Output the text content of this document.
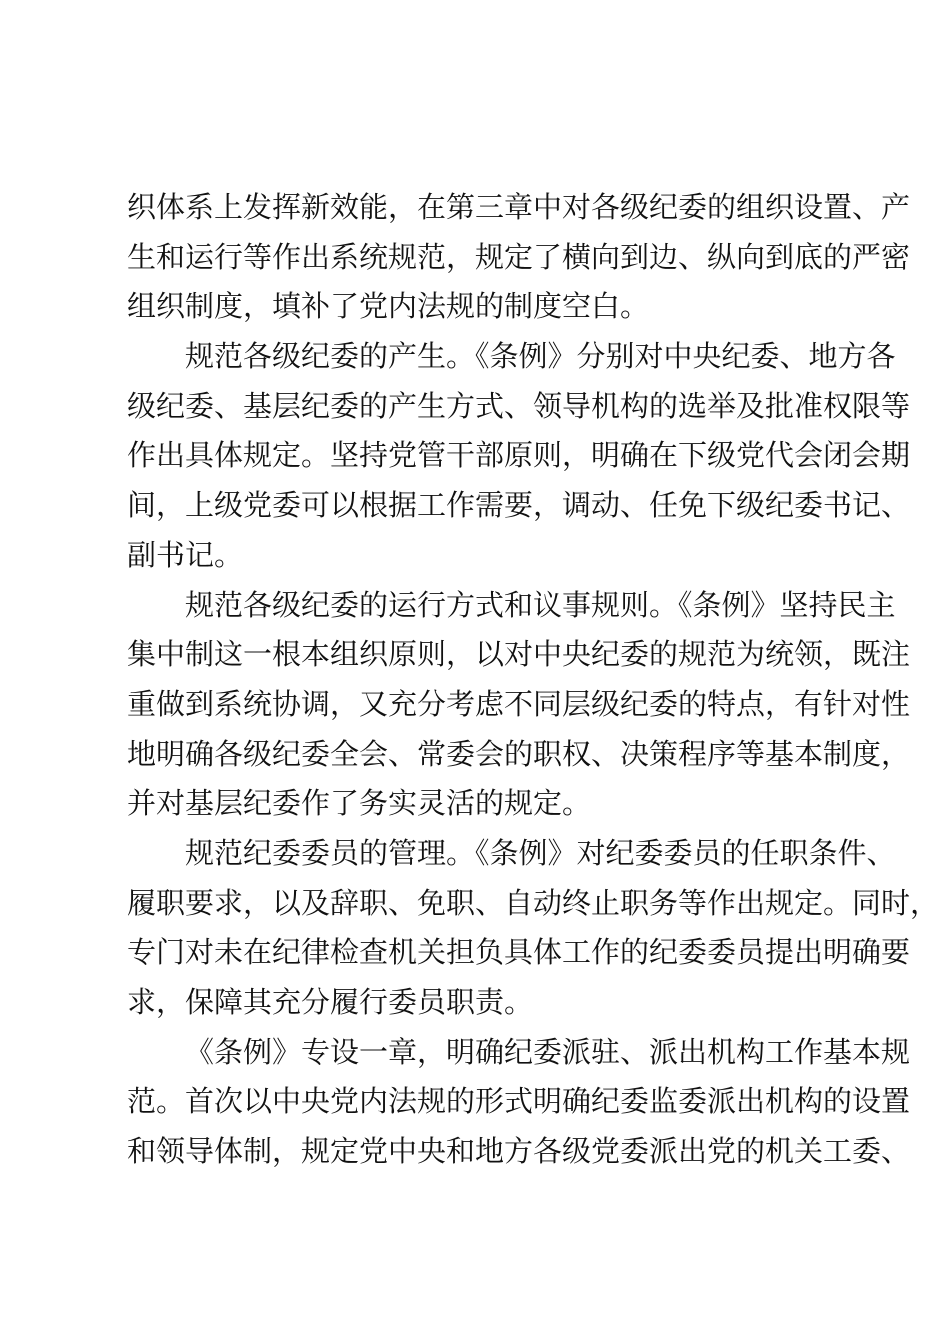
织体系上发挥新效能，在第三章中对各级纪委的组织设置、产
生和运行等作出系统规范，规定了横向到边、纵向到底的严密
组织制度，填补了党内法规的制度空白。
规范各级纪委的产生。《条例》分别对中央纪委、地方各
级纪委、基层纪委的产生方式、领导机构的选举及批准权限等
作出具体规定。坚持党管干部原则，明确在下级党代会闭会期
间，上级党委可以根据工作需要，调动、任免下级纪委书记、
副书记。
规范各级纪委的运行方式和议事规则。《条例》坚持民主
集中制这一根本组织原则，以对中央纪委的规范为统领，既注
重做到系统协调，又充分考虑不同层级纪委的特点，有针对性
地明确各级纪委全会、常委会的职权、决策程序等基本制度，
并对基层纪委作了务实灵活的规定。
规范纪委委员的管理。《条例》对纪委委员的任职条件、
履职要求，以及辞职、免职、自动终止职务等作出规定。同时，
专门对未在纪律检查机关担负具体工作的纪委委员提出明确要
求，保障其充分履行委员职责。
《条例》专设一章，明确纪委派驻、派出机构工作基本规
范。首次以中央党内法规的形式明确纪委监委派出机构的设置
和领导体制，规定党中央和地方各级党委派出党的机关工委、
